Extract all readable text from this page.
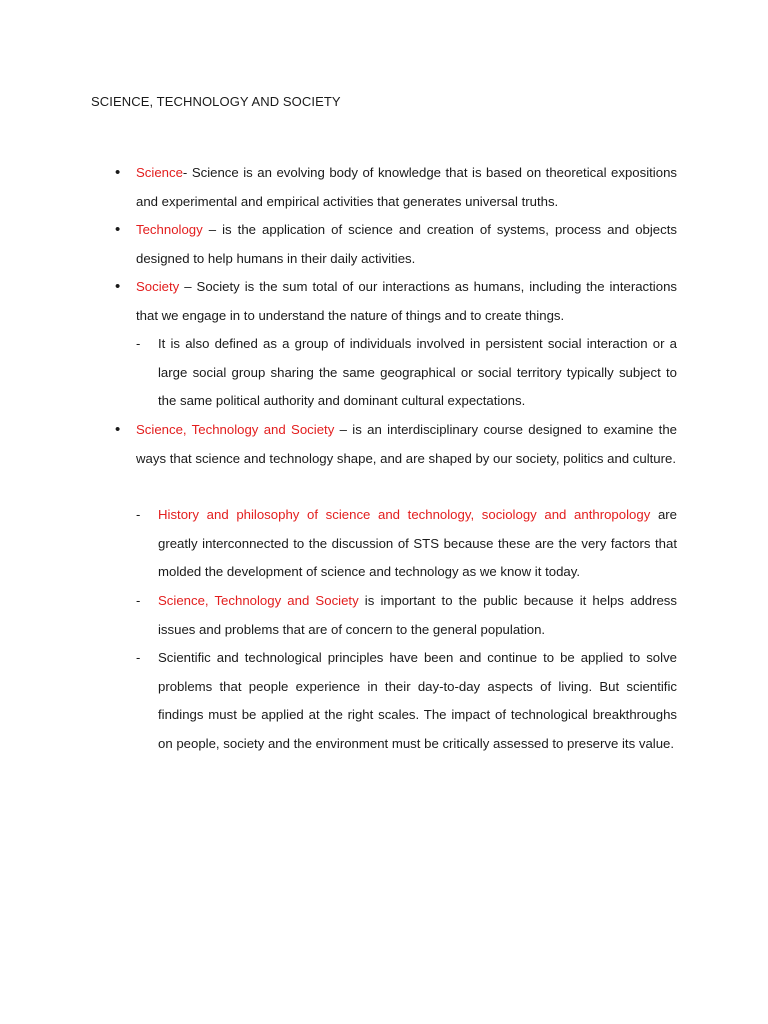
SCIENCE, TECHNOLOGY AND SOCIETY
• Science- Science is an evolving body of knowledge that is based on theoretical expositions and experimental and empirical activities that generates universal truths.
• Technology – is the application of science and creation of systems, process and objects designed to help humans in their daily activities.
• Society – Society is the sum total of our interactions as humans, including the interactions that we engage in to understand the nature of things and to create things.
- It is also defined as a group of individuals involved in persistent social interaction or a large social group sharing the same geographical or social territory typically subject to the same political authority and dominant cultural expectations.
• Science, Technology and Society – is an interdisciplinary course designed to examine the ways that science and technology shape, and are shaped by our society, politics and culture.
- History and philosophy of science and technology, sociology and anthropology are greatly interconnected to the discussion of STS because these are the very factors that molded the development of science and technology as we know it today.
- Science, Technology and Society is important to the public because it helps address issues and problems that are of concern to the general population.
- Scientific and technological principles have been and continue to be applied to solve problems that people experience in their day-to-day aspects of living. But scientific findings must be applied at the right scales. The impact of technological breakthroughs on people, society and the environment must be critically assessed to preserve its value.
